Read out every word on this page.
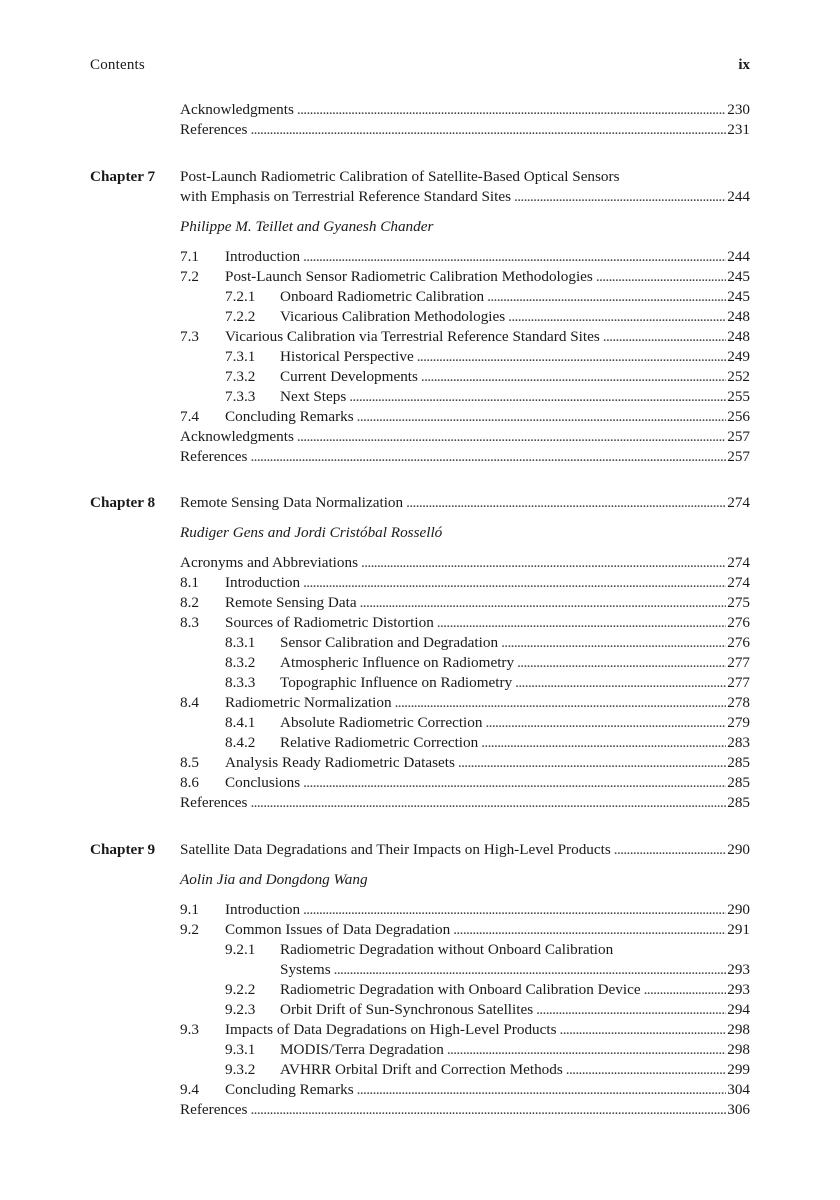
Contents	ix
Acknowledgments . . .	230
References . . .	231
Chapter 7 Post-Launch Radiometric Calibration of Satellite-Based Optical Sensors
with Emphasis on Terrestrial Reference Standard Sites . . .	244
Philippe M. Teillet and Gyanesh Chander
7.1	Introduction . . .	244
7.2	Post-Launch Sensor Radiometric Calibration Methodologies . . .	245
7.2.1	Onboard Radiometric Calibration . . .	245
7.2.2	Vicarious Calibration Methodologies . . .	248
7.3	Vicarious Calibration via Terrestrial Reference Standard Sites . . .	248
7.3.1	Historical Perspective . . .	249
7.3.2	Current Developments . . .	252
7.3.3	Next Steps . . .	255
7.4	Concluding Remarks . . .	256
Acknowledgments . . .	257
References . . .	257
Chapter 8 Remote Sensing Data Normalization . . .	274
Rudiger Gens and Jordi Cristóbal Rosselló
Acronyms and Abbreviations . . .	274
8.1	Introduction . . .	274
8.2	Remote Sensing Data . . .	275
8.3	Sources of Radiometric Distortion . . .	276
8.3.1	Sensor Calibration and Degradation . . .	276
8.3.2	Atmospheric Influence on Radiometry . . .	277
8.3.3	Topographic Influence on Radiometry . . .	277
8.4	Radiometric Normalization . . .	278
8.4.1	Absolute Radiometric Correction . . .	279
8.4.2	Relative Radiometric Correction . . .	283
8.5	Analysis Ready Radiometric Datasets . . .	285
8.6	Conclusions . . .	285
References . . .	285
Chapter 9 Satellite Data Degradations and Their Impacts on High-Level Products . . .	290
Aolin Jia and Dongdong Wang
9.1	Introduction . . .	290
9.2	Common Issues of Data Degradation . . .	291
9.2.1 Radiometric Degradation without Onboard Calibration
Systems . . .	293
9.2.2	Radiometric Degradation with Onboard Calibration Device . . .	293
9.2.3	Orbit Drift of Sun-Synchronous Satellites . . .	294
9.3	Impacts of Data Degradations on High-Level Products . . .	298
9.3.1	MODIS/Terra Degradation . . .	298
9.3.2	AVHRR Orbital Drift and Correction Methods . . .	299
9.4	Concluding Remarks . . .	304
References . . .	306
